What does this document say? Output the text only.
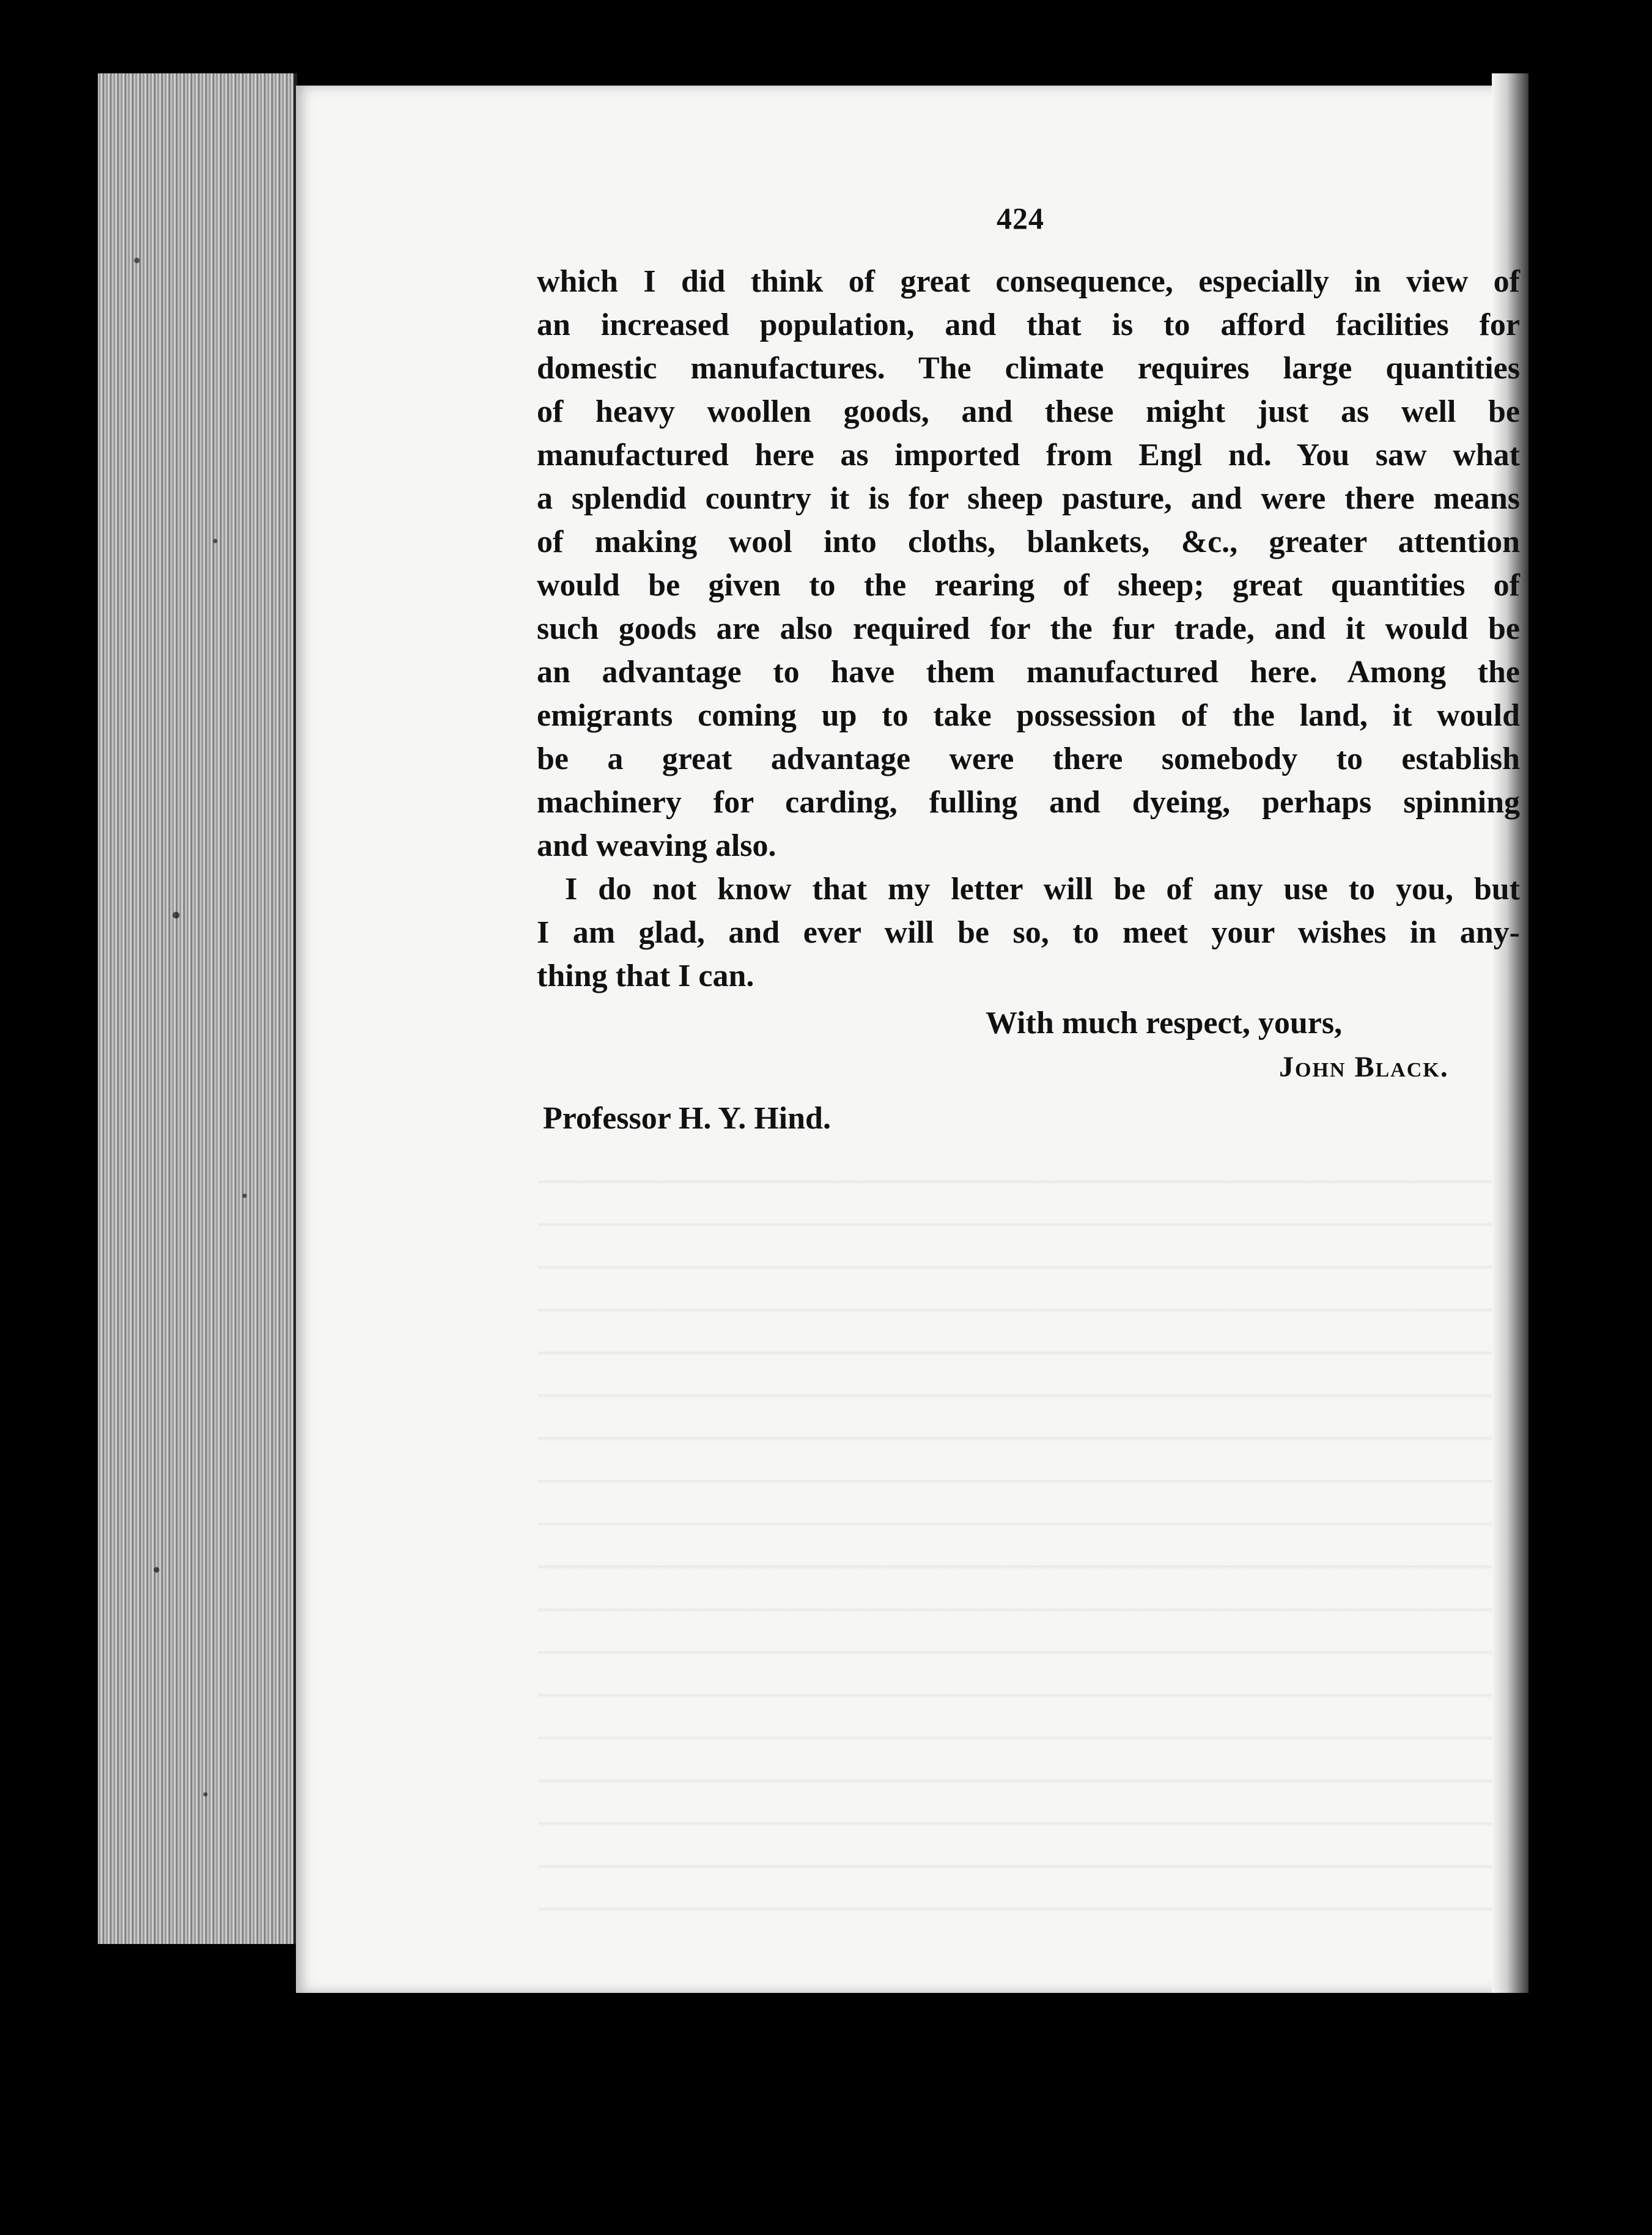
424
which I did think of great consequence, especially in view of
an increased population, and that is to afford facilities for
domestic manufactures. The climate requires large quantities
of heavy woollen goods, and these might just as well be
manufactured here as imported from Engl nd. You saw what
a splendid country it is for sheep pasture, and were there means
of making wool into cloths, blankets, &c., greater attention
would be given to the rearing of sheep; great quantities of
such goods are also required for the fur trade, and it would be
an advantage to have them manufactured here. Among the
emigrants coming up to take possession of the land, it would
be a great advantage were there somebody to establish
machinery for carding, fulling and dyeing, perhaps spinning
and weaving also.
I do not know that my letter will be of any use to you, but
I am glad, and ever will be so, to meet your wishes in any-
thing that I can.
With much respect, yours,
John Black.
Professor H. Y. Hind.
